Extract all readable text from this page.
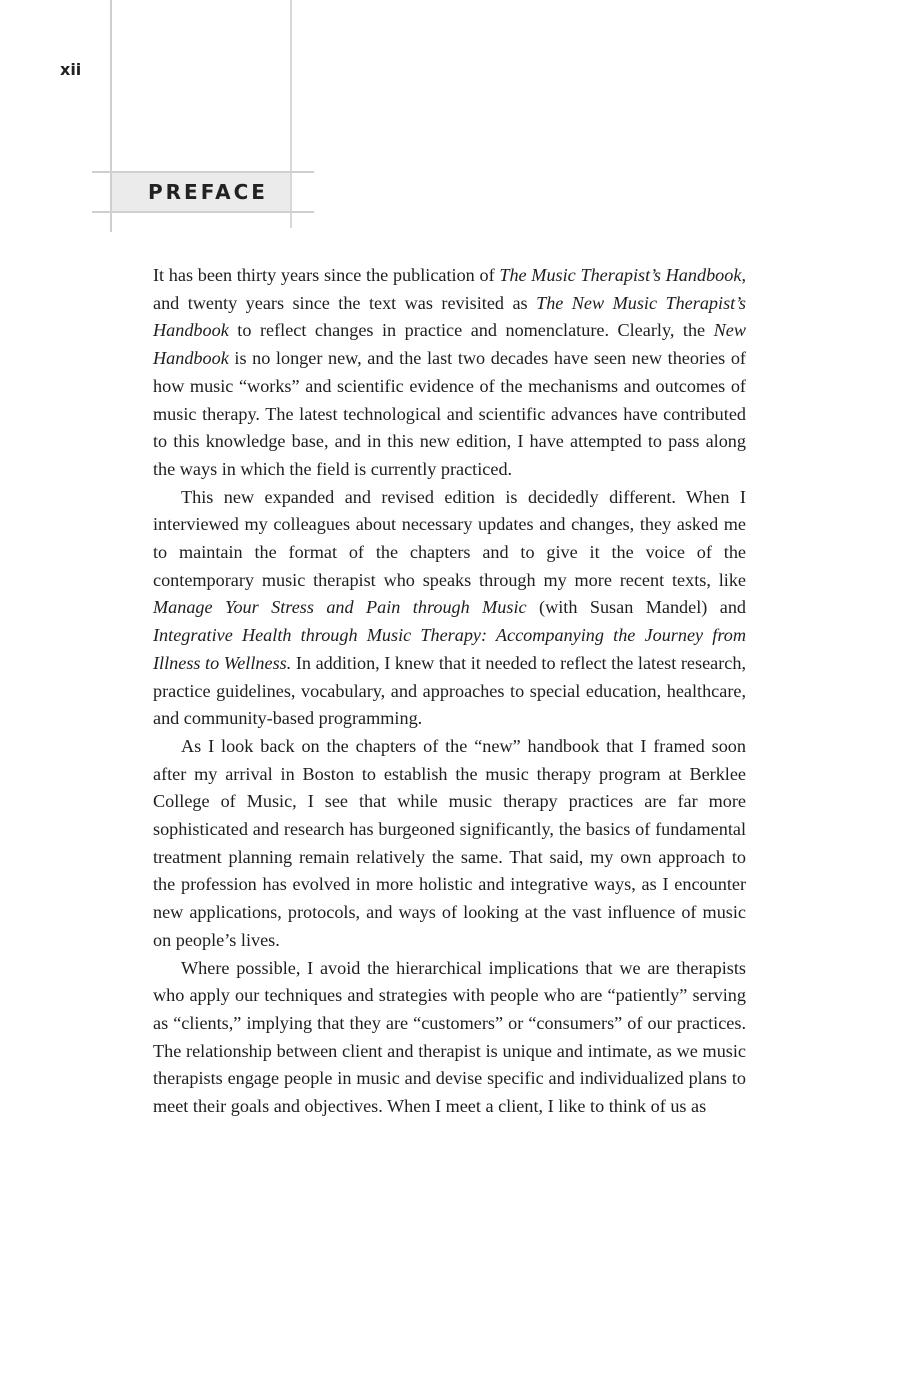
xii
PREFACE

It has been thirty years since the publication of The Music Therapist’s Handbook, and twenty years since the text was revisited as The New Music Therapist’s Handbook to reflect changes in practice and nomenclature. Clearly, the New Handbook is no longer new, and the last two decades have seen new theories of how music “works” and scientific evidence of the mechanisms and outcomes of music therapy. The latest technological and scientific advances have contributed to this knowledge base, and in this new edition, I have attempted to pass along the ways in which the field is currently practiced.

This new expanded and revised edition is decidedly different. When I interviewed my colleagues about necessary updates and changes, they asked me to maintain the format of the chapters and to give it the voice of the contemporary music therapist who speaks through my more recent texts, like Manage Your Stress and Pain through Music (with Susan Mandel) and Integrative Health through Music Therapy: Accompanying the Journey from Illness to Wellness. In addition, I knew that it needed to reflect the latest research, practice guidelines, vocabulary, and approaches to special education, healthcare, and community-based programming.

As I look back on the chapters of the “new” handbook that I framed soon after my arrival in Boston to establish the music therapy program at Berklee College of Music, I see that while music therapy practices are far more sophisticated and research has burgeoned significantly, the basics of fundamental treatment planning remain relatively the same. That said, my own approach to the profession has evolved in more holistic and integrative ways, as I encounter new applications, protocols, and ways of looking at the vast influence of music on people’s lives.

Where possible, I avoid the hierarchical implications that we are therapists who apply our techniques and strategies with people who are “patiently” serving as “clients,” implying that they are “customers” or “consumers” of our practices. The relationship between client and therapist is unique and intimate, as we music therapists engage people in music and devise specific and individualized plans to meet their goals and objectives. When I meet a client, I like to think of us as
